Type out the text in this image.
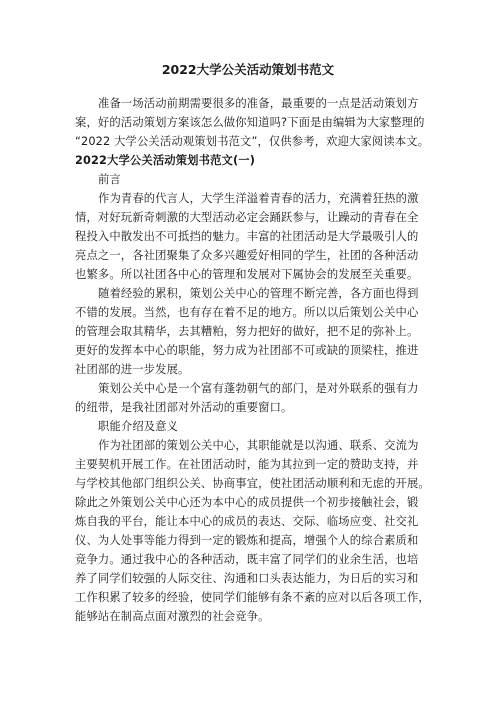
2022大学公关活动策划书范文
准备一场活动前期需要很多的准备，最重要的一点是活动策划方
案，好的活动策划方案该怎么做你知道吗?下面是由编辑为大家整理的
“2022 大学公关活动观策划书范文”，仅供参考，欢迎大家阅读本文。
2022大学公关活动策划书范文(一)
前言
作为青春的代言人，大学生洋溢着青春的活力，充满着狂热的激
情，对好玩新奇刺激的大型活动必定会踊跃参与，让躁动的青春在全
程投入中散发出不可抵挡的魅力。丰富的社团活动是大学最吸引人的
亮点之一，各社团聚集了众多兴趣爱好相同的学生，社团的各种活动
也繁多。所以社团各中心的管理和发展对下属协会的发展至关重要。
随着经验的累积，策划公关中心的管理不断完善，各方面也得到
不错的发展。当然，也有存在着不足的地方。所以以后策划公关中心
的管理会取其精华，去其糟粕，努力把好的做好，把不足的弥补上。
更好的发挥本中心的职能，努力成为社团部不可或缺的顶梁柱，推进
社团部的进一步发展。
策划公关中心是一个富有蓬勃朝气的部门，是对外联系的强有力
的纽带，是我社团部对外活动的重要窗口。
职能介绍及意义
作为社团部的策划公关中心，其职能就是以沟通、联系、交流为
主要契机开展工作。在社团活动时，能为其拉到一定的赞助支持，并
与学校其他部门组织公关、协商事宜，使社团活动顺利和无虑的开展。
除此之外策划公关中心还为本中心的成员提供一个初步接触社会，锻
炼自我的平台，能让本中心的成员的表达、交际、临场应变、社交礼
仪、为人处事等能力得到一定的锻炼和提高，增强个人的综合素质和
竞争力。通过我中心的各种活动，既丰富了同学们的业余生活，也培
养了同学们较强的人际交往、沟通和口头表达能力，为日后的实习和
工作积累了较多的经验，使同学们能够有条不紊的应对以后各项工作，
能够站在制高点面对激烈的社会竞争。
